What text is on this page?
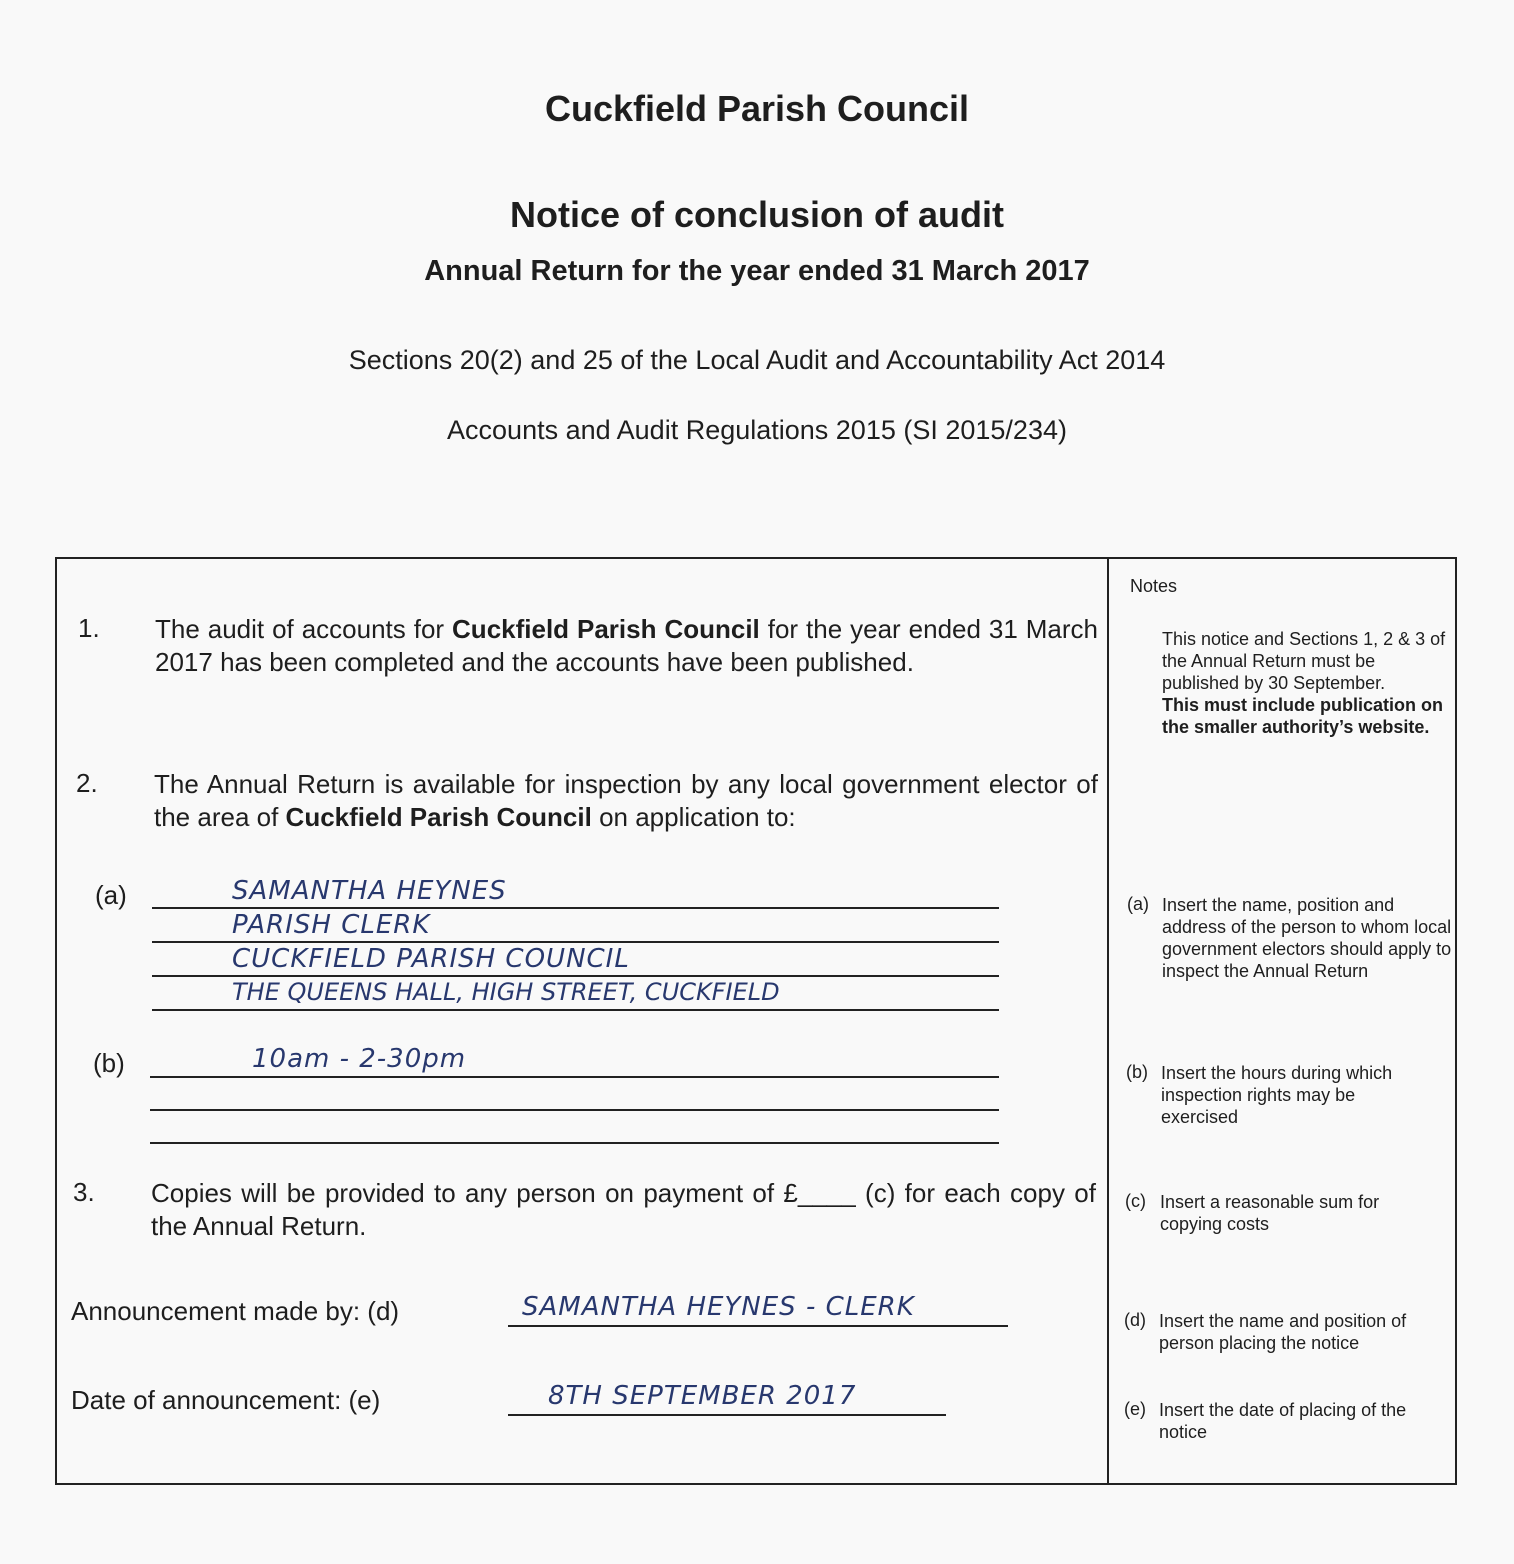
Cuckfield Parish Council
Notice of conclusion of audit
Annual Return for the year ended 31 March 2017
Sections 20(2) and 25 of the Local Audit and Accountability Act 2014
Accounts and Audit Regulations 2015 (SI 2015/234)
1. The audit of accounts for Cuckfield Parish Council for the year ended 31 March 2017 has been completed and the accounts have been published.
2. The Annual Return is available for inspection by any local government elector of the area of Cuckfield Parish Council on application to:
(a)	SAMANTHA HEYNES
PARISH CLERK
CUCKFIELD PARISH COUNCIL
THE QUEENS HALL, HIGH STREET, CUCKFIELD
(b)	10am - 2-30pm
3. Copies will be provided to any person on payment of £____ (c) for each copy of the Annual Return.
Announcement made by: (d)	SAMANTHA HEYNES - CLERK
Date of announcement: (e)	8TH SEPTEMBER 2017
Notes
This notice and Sections 1, 2 & 3 of the Annual Return must be published by 30 September.
This must include publication on the smaller authority’s website.
(a) Insert the name, position and address of the person to whom local government electors should apply to inspect the Annual Return
(b) Insert the hours during which inspection rights may be exercised
(c) Insert a reasonable sum for copying costs
(d) Insert the name and position of person placing the notice
(e) Insert the date of placing of the notice
